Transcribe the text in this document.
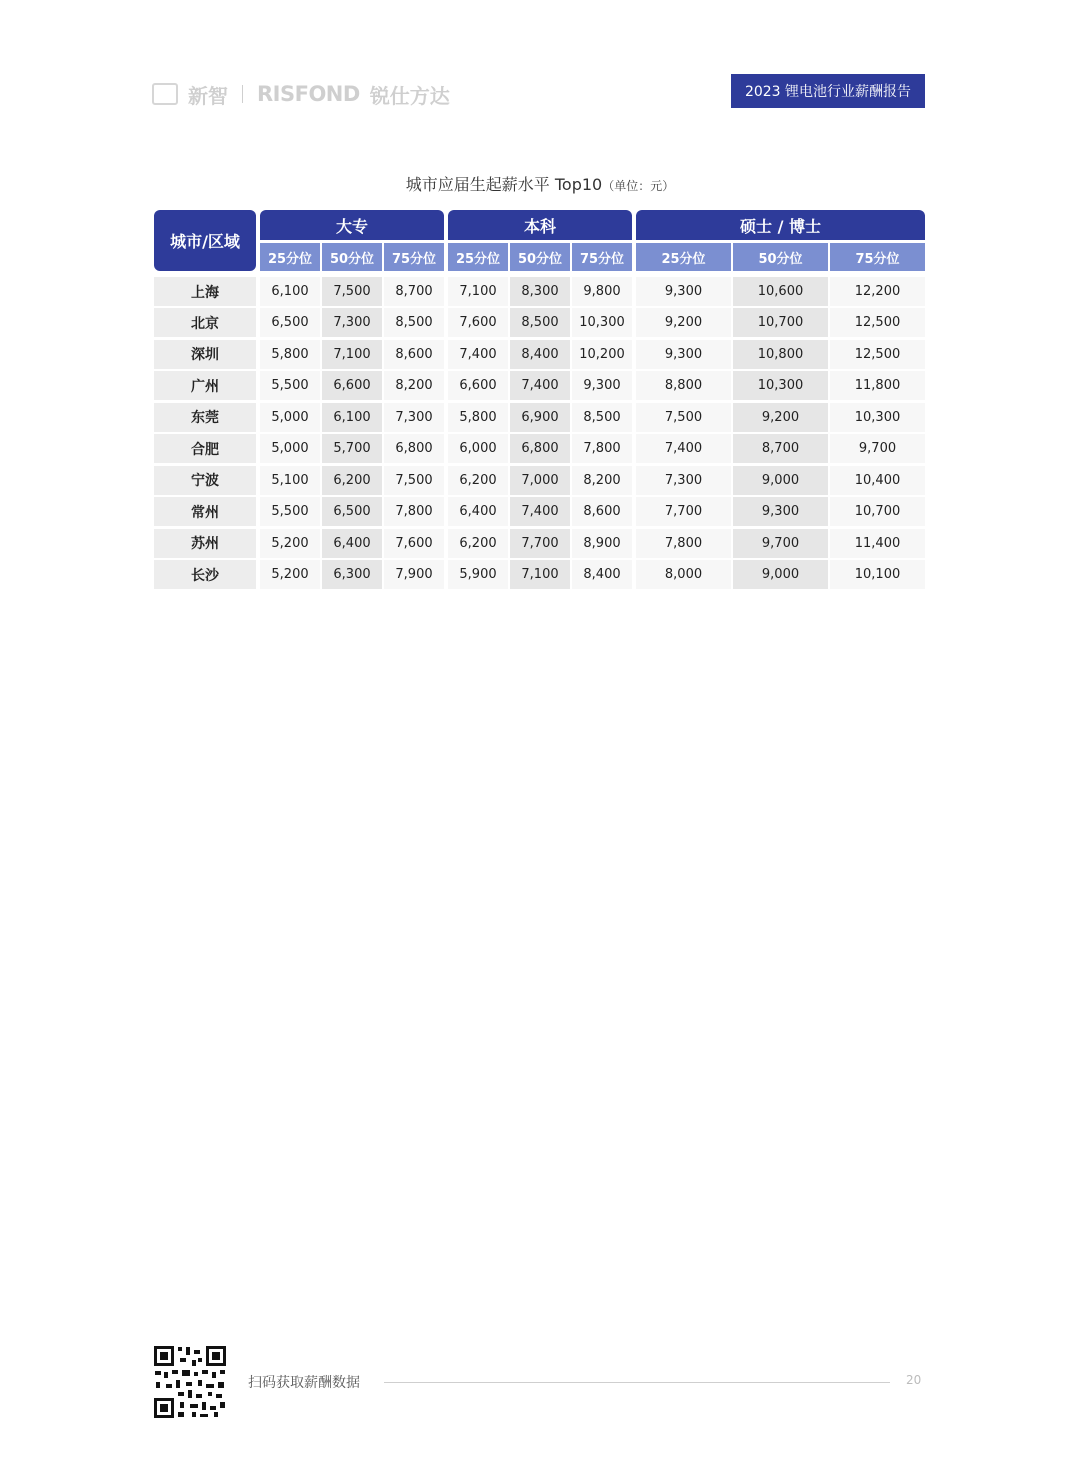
新智 RISFOND 锐仕方达	2023 锂电池行业薪酬报告
城市应届生起薪水平 Top10（单位：元）
城市/区域
大专
25分位	50分位	75分位
本科
25分位	50分位	75分位
硕士 / 博士
25分位	50分位	75分位
上海	6,100	7,500	8,700	7,100	8,300	9,800	9,300	10,600	12,200
北京	6,500	7,300	8,500	7,600	8,500	10,300	9,200	10,700	12,500
深圳	5,800	7,100	8,600	7,400	8,400	10,200	9,300	10,800	12,500
广州	5,500	6,600	8,200	6,600	7,400	9,300	8,800	10,300	11,800
东莞	5,000	6,100	7,300	5,800	6,900	8,500	7,500	9,200	10,300
合肥	5,000	5,700	6,800	6,000	6,800	7,800	7,400	8,700	9,700
宁波	5,100	6,200	7,500	6,200	7,000	8,200	7,300	9,000	10,400
常州	5,500	6,500	7,800	6,400	7,400	8,600	7,700	9,300	10,700
苏州	5,200	6,400	7,600	6,200	7,700	8,900	7,800	9,700	11,400
长沙	5,200	6,300	7,900	5,900	7,100	8,400	8,000	9,000	10,100
扫码获取薪酬数据	20
